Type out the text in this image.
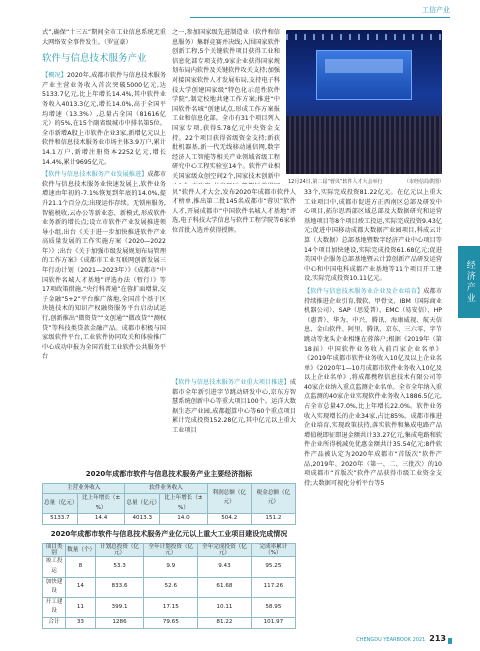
工信产业
经济产业

式”,确保“十三五”期间全市工业信息系统无重大网络安全事件发生。（罗宣豪）

软件与信息技术服务产业

【概况】2020年,成都市软件与信息技术服务产业主营业务收入首次突破5000亿元,达5133.7亿元,比上年增长14.4%,其中软件业务收入4013.3亿元,增长14.0%,高于全国平均增速（13.3%）,总量占全国（81616亿元）的5%,在15个副省级城市中排名第5位。全市新增A股上市软件企业3家,新增亿元以上软件和信息技术服务业市场主体3.9万户,累计14.1万户,新增注册资本2252亿元,增长14.4%,累计9695亿元。

【软件与信息技术服务产业发展推进】成都市软件与信息技术服务业快速发展上,软件业务增速由年初的-7.1%恢复到年底的14.0%,提升21.1个百分点;出现运作存续。无锁座服务,智能税收,云办公等新业态、新模式,形成软件业务新的增长点;设立市软件产业发展推进领导小组,出台《关于进一步加快推进软件产业高质量发展的工作实施方案（2020—2022年）》;出台《关于加强市级发展规划布局管理的工作方案》《成都市工业互联网创新发展三年行动计划（2021—2023年）》《成都市“中国软件名城人才基地”评选办法（暂行）》等17项政策措施,“央行科普通”在蓉扩面增量,交子金融“5+2”平台推广落地,全国首个基于区块链技术的知识产权融资服务平台启动试运行,创新推出“微资贷”“文创通”“微改贷”“测权贷”等科技类贷款金融产品。成都市积极与国家级软件平台,工业软件协同攻关和体验推广中心成功申报为全国首批工业软件公共服务平台

之一,参加国家级先进制造业（软件和信息服务）集群竞赛并决线;入围国家软件创新工程,5个关键软件项目获得工业和信息化部专项支持,9家企业获得国家规划布局内软件及关键软件攻关支持;加强对接国家软件人才发展布局,支持电子科技大学创建国家级“特色化示范性软件学院”,制定校地共建工作方案;推进“中国软件名城”创建试点,形成工作方案报工业和信息化部。全市有31个项目列入国家专项,获得5.78亿元中央资金支持。22个项目获得省级资金支持;新获批机器基,新一代无线移动通信网,数字经济人工智能等相关产业领域省级工程研究中心工程实验室14个。软件产业相关国家级众创空间2个,国家技术创新中

贝”软件人才大会,发布2020年成都市软件人才榜单,推出第二批145名成都市“蓉贝”软件人才,开展成都市“中国软件名城人才基地”评选,电子科技大学信息与软件工程学院等6家单位首批入选并获得授牌。

【软件与信息技术服务产业重大项目推进】成都市全年新引进字节跳动研发中心,京东方智慧系统创新中心等重大项目100个。运洋大数据生态产业园,成都超算中心等60个重点项目累计完成投资152.28亿元,其中亿元以上重大工业项目

12月24日,第二届“蓉贝”软件人才大会举行	（市经信局供图）

33个,实际完成投资81.22亿元。在亿元以上重大工业项目中,成都市促进方正西南区总部及研发中心项目,拓尔思西部区域总部及大数据研究和运营基地项目等8个项目竣工投运,实际完成投资9.43亿元;促进中国移动成都大数据产业园项目,科成云计算（大数据）总部基地暨数字经济产业中心项目等14个项目加快建设,实际完成投资61.68亿元;促进美国中企服务总部基地暨云计算创新产品研发运营中心和中国电科成都产业基地等11个项目开工建设,实际完成投资10.11亿元。

【软件与信息技术服务业企业及企业培育】成都市持续推进企业引育,微软、甲骨文、IBM（国际商业机器公司）、SAP（思爱普）、EMC（易安信）、HP（惠普）、华为、中兴、腾讯、海康威视、航天信息、金山软件、阿里、腾讯、京东、三六零、字节跳动等龙头企业相继在蓉落户;根据《2019年（第18届）中国软件业务收入前百家企业名单》《2019年成都市软件业务收入10亿及以上企业名单》《2020年1—10月成都市软件业务收入10亿及以上企业名单》,将成都携程信息技术有限公司等40家企业纳入重点监测企业名单。全市全年纳入重点监测的40家企业实现软件业务收入1886.5亿元,占全市总量47.0%,比上年增长22.0%。软件业务收入实现增长的企业34家,占比85%。成都市推进企业培育,实现政策扶持,落实软件和集成电路产品增值税即征即退金额共计33.27亿元,集成电路和软件企业所得税减免优惠金额共计35.54亿元;8件软件产品被认定为2020年成都市“首版次”软件产品,2019年、2020年（第一、二、三批次）的10项成都市“首版次”软件产品获得市级工业资金支持;大数据可视化分析平台等5

2020年成都市软件与信息技术服务产业主要经济指标
主营业务收入		软件业务收入		利润总额（亿元）	税金总额（亿元）
总量（亿元）	比上年增长（±%）	总量（亿元）	比上年增长（±%）		
5133.7	14.4	4013.3	14.0	504.2	151.2
2020年成都市软件与信息技术服务产业亿元以上重大工业项目建设完成情况
项目类别	数量（个）	计划总投资（亿元）	全年计划投资（亿元）	全年完成投资（亿元）	完成率累计（%）
竣工投运	8	53.3	9.9	9.43	95.25
加快建设	14	833.6	52.6	61.68	117.26
开工建设	11	399.1	17.15	10.11	58.95
合计	33	1286	79.65	81.22	101.97
CHENGDU YEARBOOK 2021 213
